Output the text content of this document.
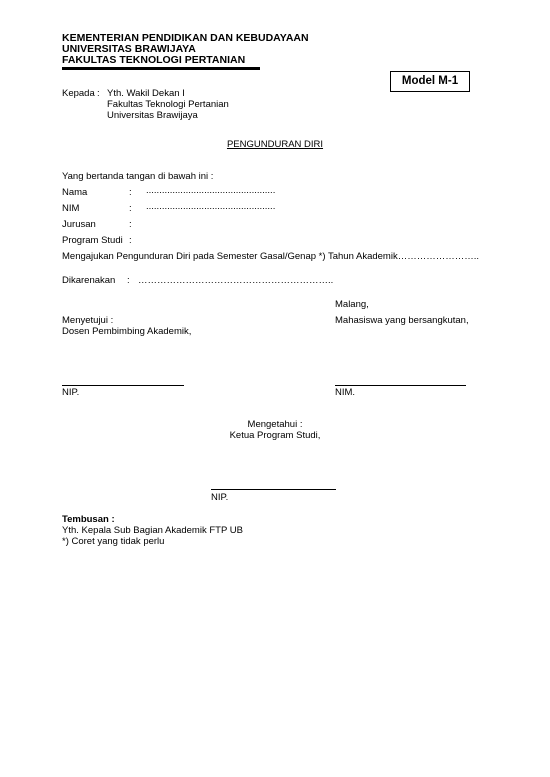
KEMENTERIAN PENDIDIKAN DAN KEBUDAYAAN
UNIVERSITAS BRAWIJAYA
FAKULTAS TEKNOLOGI PERTANIAN
Model M-1
Kepada : Yth. Wakil Dekan I
Fakultas Teknologi Pertanian
Universitas Brawijaya
PENGUNDURAN DIRI
Yang bertanda tangan di bawah ini :
Nama	: .................................................
NIM	: .................................................
Jurusan	:
Program Studi :
Mengajukan Pengunduran Diri pada Semester Gasal/Genap *) Tahun Akademik……………………..
Dikarenakan : ……………………………………………………..
Malang,
Menyetujui :
Dosen Pembimbing Akademik,
Mahasiswa yang bersangkutan,
NIP.	NIM.
Mengetahui :
Ketua Program Studi,
NIP.
Tembusan :
Yth. Kepala Sub Bagian Akademik FTP UB
*) Coret yang tidak perlu
